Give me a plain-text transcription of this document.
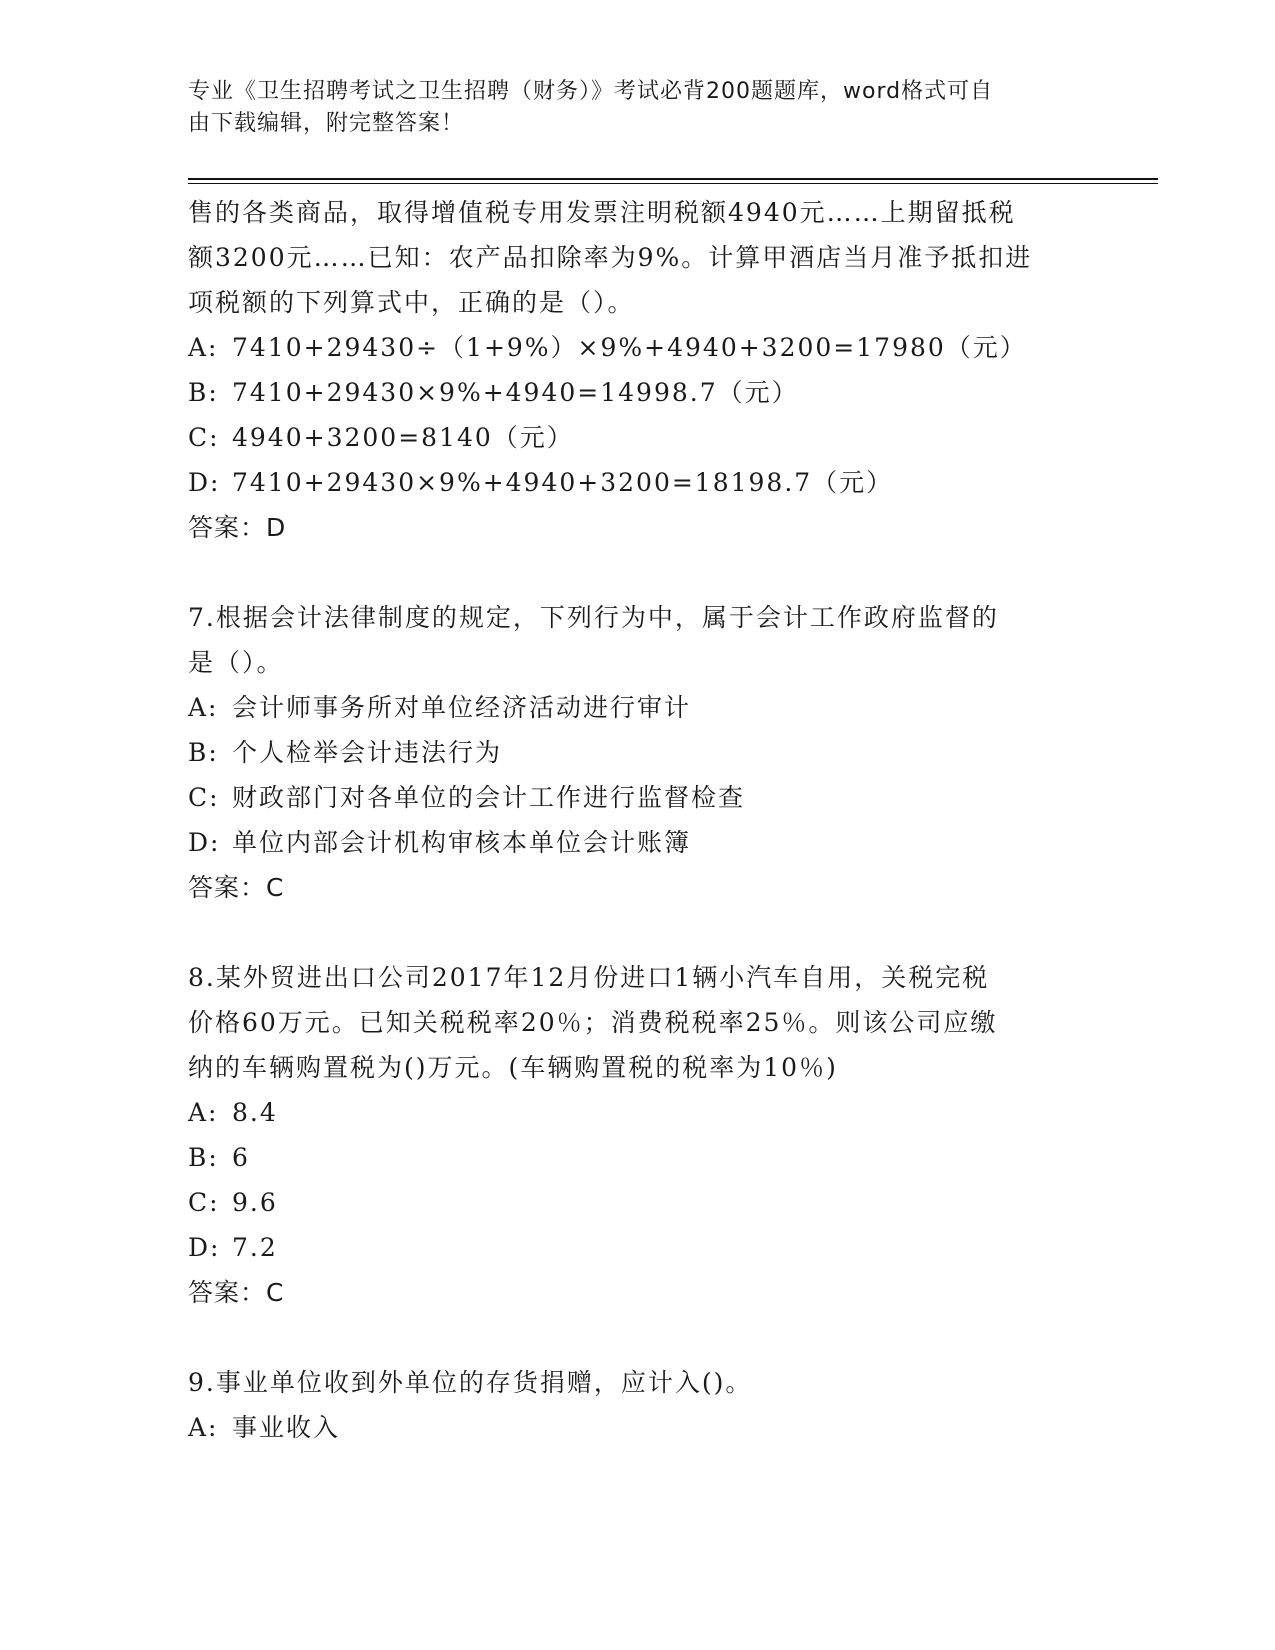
专业《卫生招聘考试之卫生招聘（财务）》考试必背200题题库，word格式可自
由下载编辑，附完整答案！
售的各类商品，取得增值税专用发票注明税额4940元……上期留抵税
额3200元……已知：农产品扣除率为9%。计算甲酒店当月准予抵扣进
项税额的下列算式中，正确的是（）。
A: 7410+29430÷（1+9%）×9%+4940+3200=17980（元）
B: 7410+29430×9%+4940=14998.7（元）
C: 4940+3200=8140（元）
D: 7410+29430×9%+4940+3200=18198.7（元）
答案：D
7.根据会计法律制度的规定，下列行为中，属于会计工作政府监督的
是（）。
A: 会计师事务所对单位经济活动进行审计
B: 个人检举会计违法行为
C: 财政部门对各单位的会计工作进行监督检查
D: 单位内部会计机构审核本单位会计账簿
答案：C
8.某外贸进出口公司2017年12月份进口1辆小汽车自用，关税完税
价格60万元。已知关税税率20％；消费税税率25％。则该公司应缴
纳的车辆购置税为()万元。(车辆购置税的税率为10％)
A: 8.4
B: 6
C: 9.6
D: 7.2
答案：C
9.事业单位收到外单位的存货捐赠，应计入()。
A: 事业收入
